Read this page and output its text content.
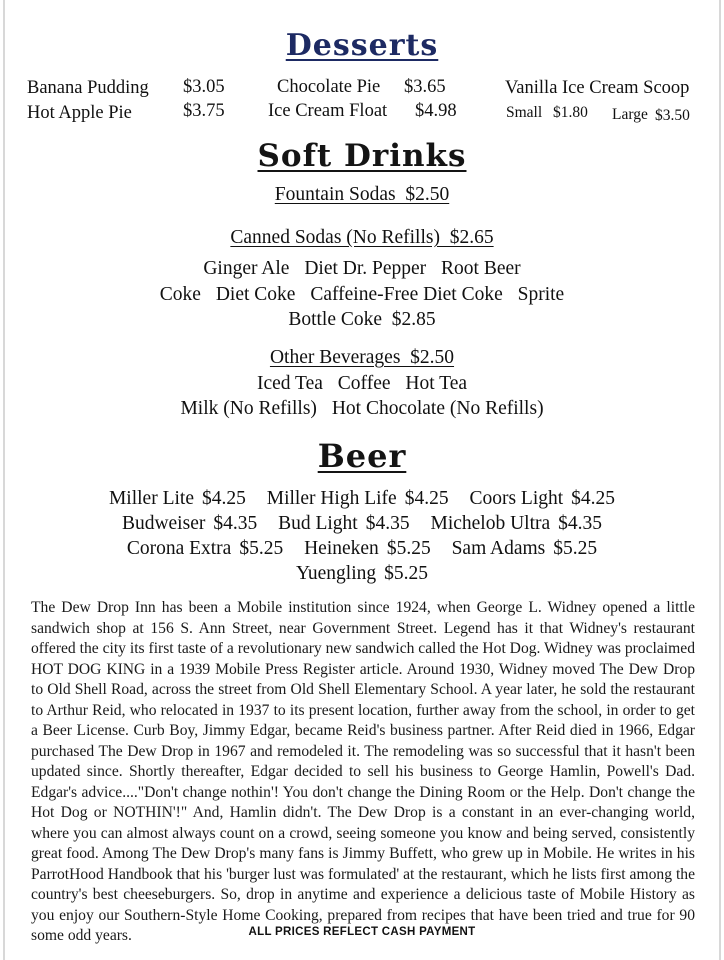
Desserts
Banana Pudding $3.05
Hot Apple Pie	$3.75
Chocolate Pie $3.65
Ice Cream Float $4.98
Vanilla Ice Cream Scoop
Small $1.80 Large $3.50
Soft Drinks
Fountain Sodas  $2.50
Canned Sodas (No Refills)  $2.65
Ginger Ale Diet Dr. Pepper Root Beer
Coke Diet Coke Caffeine-Free Diet Coke Sprite
Bottle Coke  $2.85
Other Beverages  $2.50
Iced Tea Coffee Hot Tea
Milk (No Refills) Hot Chocolate (No Refills)
Beer
Miller Lite $4.25 Miller High Life $4.25 Coors Light $4.25
Budweiser $4.35 Bud Light $4.35 Michelob Ultra $4.35
Corona Extra $5.25 Heineken $5.25 Sam Adams $5.25
Yuengling $5.25
The Dew Drop Inn has been a Mobile institution since 1924, when George L. Widney opened a little sandwich shop at 156 S. Ann Street, near Government Street. Legend has it that Widney's restaurant offered the city its first taste of a revolutionary new sandwich called the Hot Dog. Widney was proclaimed HOT DOG KING in a 1939 Mobile Press Register article. Around 1930, Widney moved The Dew Drop to Old Shell Road, across the street from Old Shell Elementary School. A year later, he sold the restaurant to Arthur Reid, who relocated in 1937 to its present location, further away from the school, in order to get a Beer License. Curb Boy, Jimmy Edgar, became Reid's business partner. After Reid died in 1966, Edgar purchased The Dew Drop in 1967 and remodeled it. The remodeling was so successful that it hasn't been updated since. Shortly thereafter, Edgar decided to sell his business to George Hamlin, Powell's Dad. Edgar's advice...."Don't change nothin'! You don't change the Dining Room or the Help. Don't change the Hot Dog or NOTHIN'!" And, Hamlin didn't. The Dew Drop is a constant in an ever-changing world, where you can almost always count on a crowd, seeing someone you know and being served, consistently great food. Among The Dew Drop's many fans is Jimmy Buffett, who grew up in Mobile. He writes in his ParrotHood Handbook that his 'burger lust was formulated' at the restaurant, which he lists first among the country's best cheeseburgers. So, drop in anytime and experience a delicious taste of Mobile History as you enjoy our Southern-Style Home Cooking, prepared from recipes that have been tried and true for 90 some odd years.	ALL PRICES REFLECT CASH PAYMENT
